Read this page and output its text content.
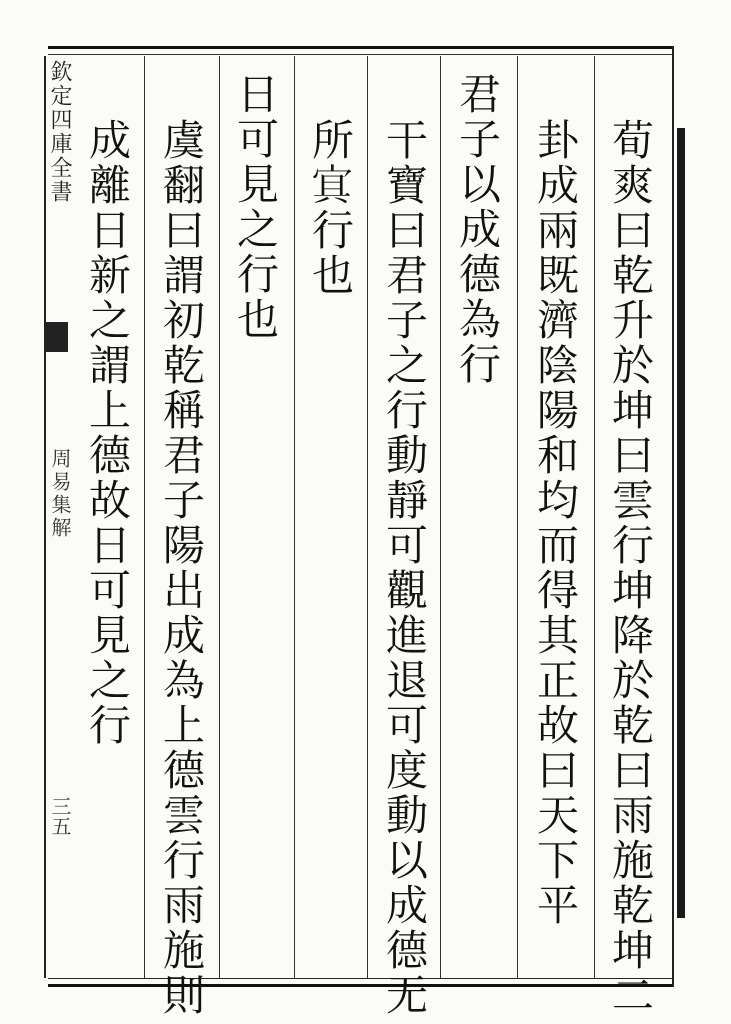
欽定四庫全書
周易集解
三五	荀爽曰乾升於坤曰雲行坤降於乾曰雨施乾坤二
卦成兩既濟陰陽和均而得其正故曰天下平
君子以成德為行
干寶曰君子之行動靜可觀進退可度動以成德无
所𡨋行也
日可見之行也
虞翻曰謂初乾稱君子陽出成為上德雲行雨施則
成離日新之謂上德故日可見之行
